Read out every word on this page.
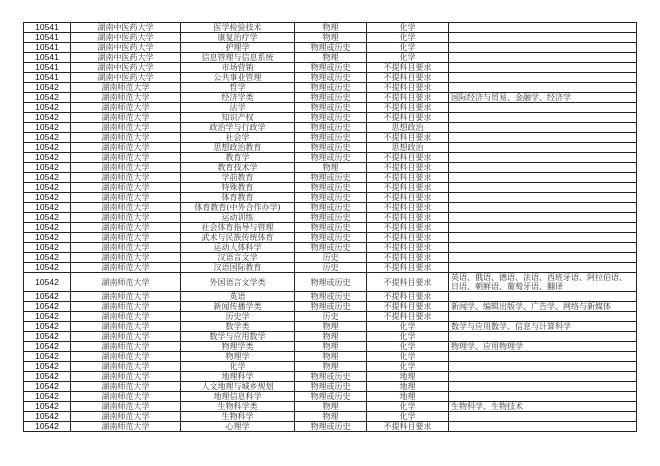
10541	湖南中医药大学	医学检验技术	物理	化学	
10541	湖南中医药大学	康复治疗学	物理	化学	
10541	湖南中医药大学	护理学	物理或历史	化学	
10541	湖南中医药大学	信息管理与信息系统	物理	化学	
10541	湖南中医药大学	市场营销	物理或历史	不提科目要求	
10541	湖南中医药大学	公共事业管理	物理或历史	不提科目要求	
10542	湖南师范大学	哲学	物理或历史	不提科目要求	
10542	湖南师范大学	经济学类	物理或历史	不提科目要求	国际经济与贸易、金融学、经济学
10542	湖南师范大学	法学	物理或历史	不提科目要求	
10542	湖南师范大学	知识产权	物理或历史	不提科目要求	
10542	湖南师范大学	政治学与行政学	物理或历史	思想政治	
10542	湖南师范大学	社会学	物理或历史	不提科目要求	
10542	湖南师范大学	思想政治教育	物理或历史	思想政治	
10542	湖南师范大学	教育学	物理或历史	不提科目要求	
10542	湖南师范大学	教育技术学	物理	不提科目要求	
10542	湖南师范大学	学前教育	物理或历史	不提科目要求	
10542	湖南师范大学	特殊教育	物理或历史	不提科目要求	
10542	湖南师范大学	体育教育	物理或历史	不提科目要求	
10542	湖南师范大学	体育教育(中外合作办学)	物理或历史	不提科目要求	
10542	湖南师范大学	运动训练	物理或历史	不提科目要求	
10542	湖南师范大学	社会体育指导与管理	物理或历史	不提科目要求	
10542	湖南师范大学	武术与民族传统体育	物理或历史	不提科目要求	
10542	湖南师范大学	运动人体科学	物理或历史	不提科目要求	
10542	湖南师范大学	汉语言文学	历史	不提科目要求	
10542	湖南师范大学	汉语国际教育	历史	不提科目要求	
10542	湖南师范大学	外国语言文学类	物理或历史	不提科目要求	英语、俄语、德语、法语、西班牙语、阿拉伯语、日语、朝鲜语、葡萄牙语、翻译
10542	湖南师范大学	英语	物理或历史	不提科目要求	
10542	湖南师范大学	新闻传播学类	物理或历史	不提科目要求	新闻学、编辑出版学、广告学、网络与新媒体
10542	湖南师范大学	历史学	历史	不提科目要求	
10542	湖南师范大学	数学类	物理	化学	数学与应用数学、信息与计算科学
10542	湖南师范大学	数学与应用数学	物理	化学	
10542	湖南师范大学	物理学类	物理	化学	物理学、应用物理学
10542	湖南师范大学	物理学	物理	化学	
10542	湖南师范大学	化学	物理	化学	
10542	湖南师范大学	地理科学	物理或历史	地理	
10542	湖南师范大学	人文地理与城乡规划	物理或历史	地理	
10542	湖南师范大学	地理信息科学	物理或历史	地理	
10542	湖南师范大学	生物科学类	物理	化学	生物科学、生物技术
10542	湖南师范大学	生物科学	物理	化学	
10542	湖南师范大学	心理学	物理或历史	不提科目要求	
